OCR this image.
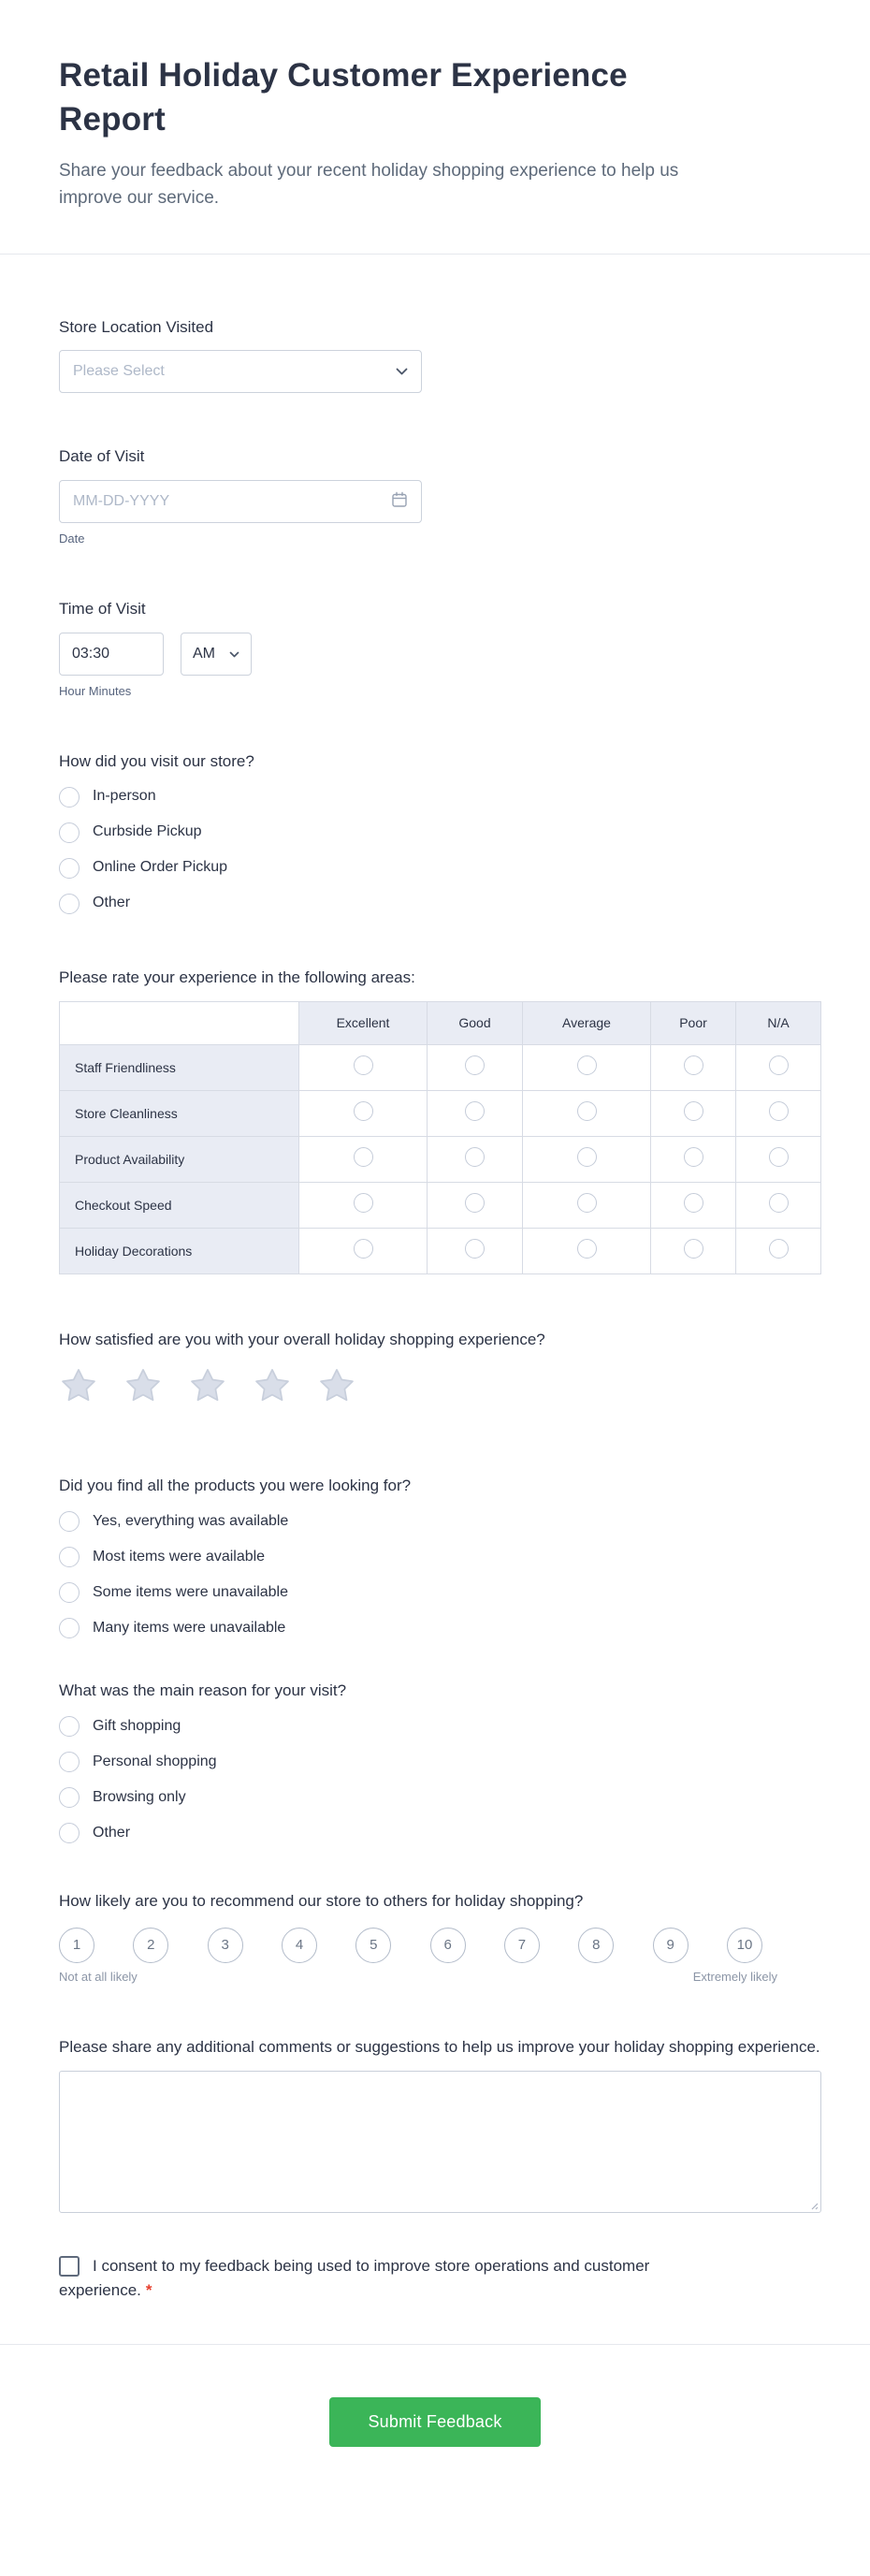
Retail Holiday Customer Experience Report

Share your feedback about your recent holiday shopping experience to help us improve our service.

Store Location Visited
Please Select
Date of Visit
MM-DD-YYYY
Date
Time of Visit
03:30
AM
Hour Minutes
How did you visit our store?
In-person
Curbside Pickup
Online Order Pickup
Other
Please rate your experience in the following areas:
	Excellent	Good	Average	Poor	N/A
Staff Friendliness					
Store Cleanliness					
Product Availability					
Checkout Speed					
Holiday Decorations					
How satisfied are you with your overall holiday shopping experience?
Did you find all the products you were looking for?
Yes, everything was available
Most items were available
Some items were unavailable
Many items were unavailable
What was the main reason for your visit?
Gift shopping
Personal shopping
Browsing only
Other
How likely are you to recommend our store to others for holiday shopping?
1	2	3	4	5	6	7	8	9	10
Not at all likely	Extremely likely
Please share any additional comments or suggestions to help us improve your holiday shopping experience.
I consent to my feedback being used to improve store operations and customer experience. *
Submit Feedback
